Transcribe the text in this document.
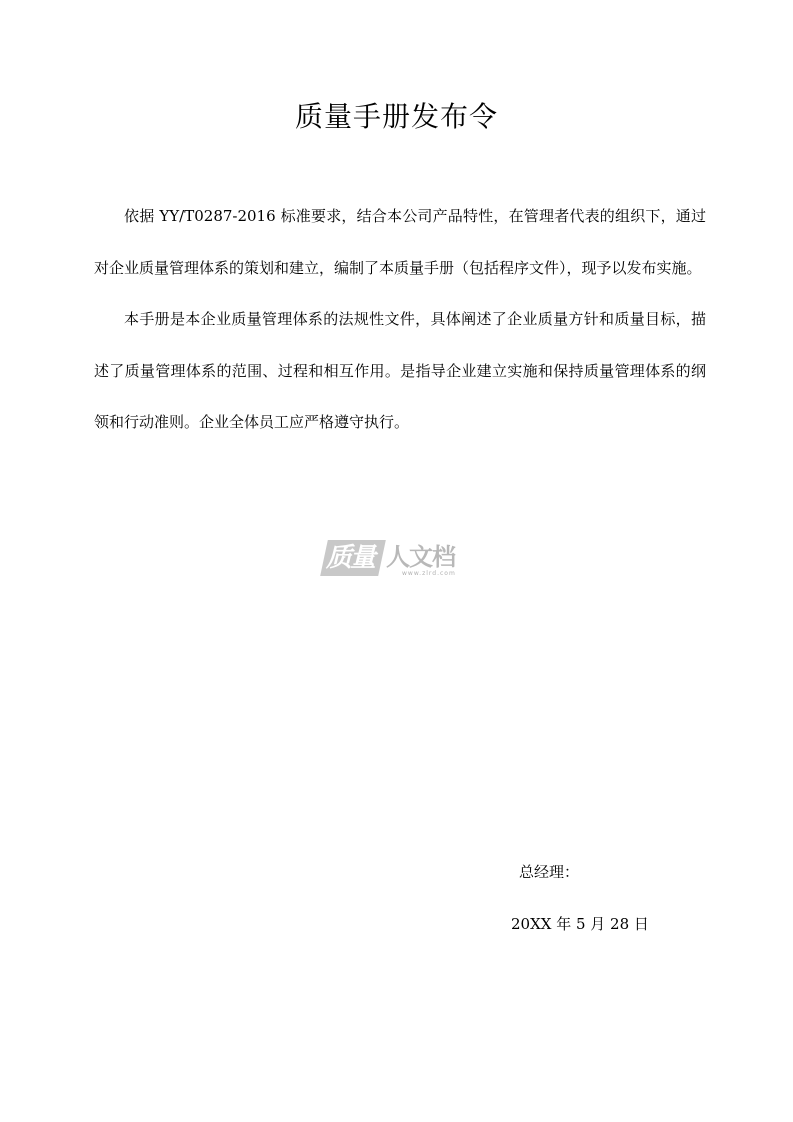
质量手册发布令

依据 YY/T0287-2016 标准要求，结合本公司产品特性，在管理者代表的组织下，通过对企业质量管理体系的策划和建立，编制了本质量手册（包括程序文件），现予以发布实施。

本手册是本企业质量管理体系的法规性文件，具体阐述了企业质量方针和质量目标，描述了质量管理体系的范围、过程和相互作用。是指导企业建立实施和保持质量管理体系的纲领和行动准则。企业全体员工应严格遵守执行。

质量 人文档
www.zlrd.com
总经理：
20XX 年 5 月 28 日
